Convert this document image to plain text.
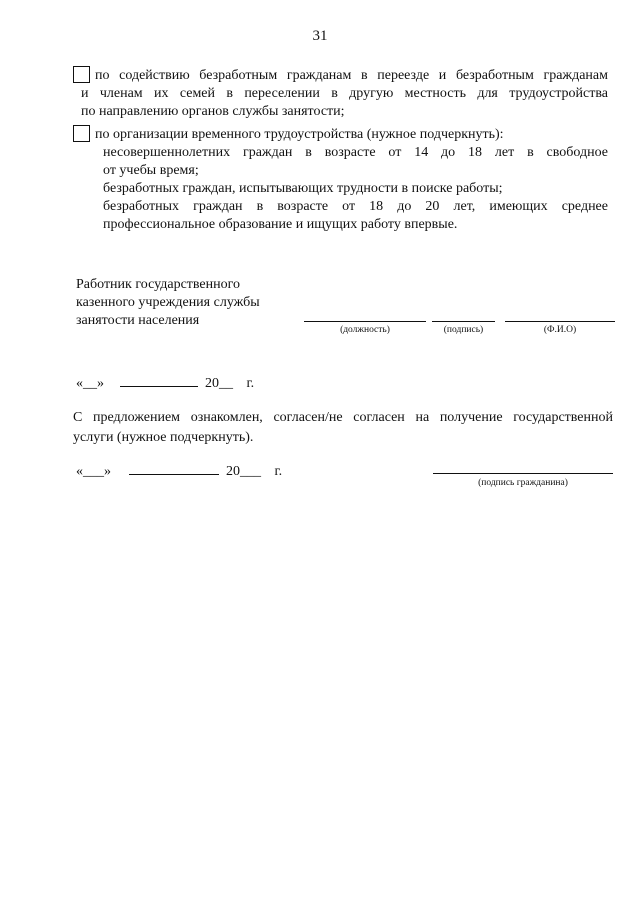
31
по содействию безработным гражданам в переезде и безработным гражданам
и членам их семей в переселении в другую местность для трудоустройства
по направлению органов службы занятости;
по организации временного трудоустройства (нужное подчеркнуть):
несовершеннолетних граждан в возрасте от 14 до 18 лет в свободное
от учебы время;
безработных граждан, испытывающих трудности в поиске работы;
безработных граждан в возрасте от 18 до 20 лет, имеющих среднее
профессиональное образование и ищущих работу впервые.
Работник государственного
казенного учреждения службы
занятости населения
(должность)	(подпись)	(Ф.И.О)
«__»	20__ г.
С предложением ознакомлен, согласен/не согласен на получение государственной
услуги (нужное подчеркнуть).
«___»	20___ г.
(подпись гражданина)
